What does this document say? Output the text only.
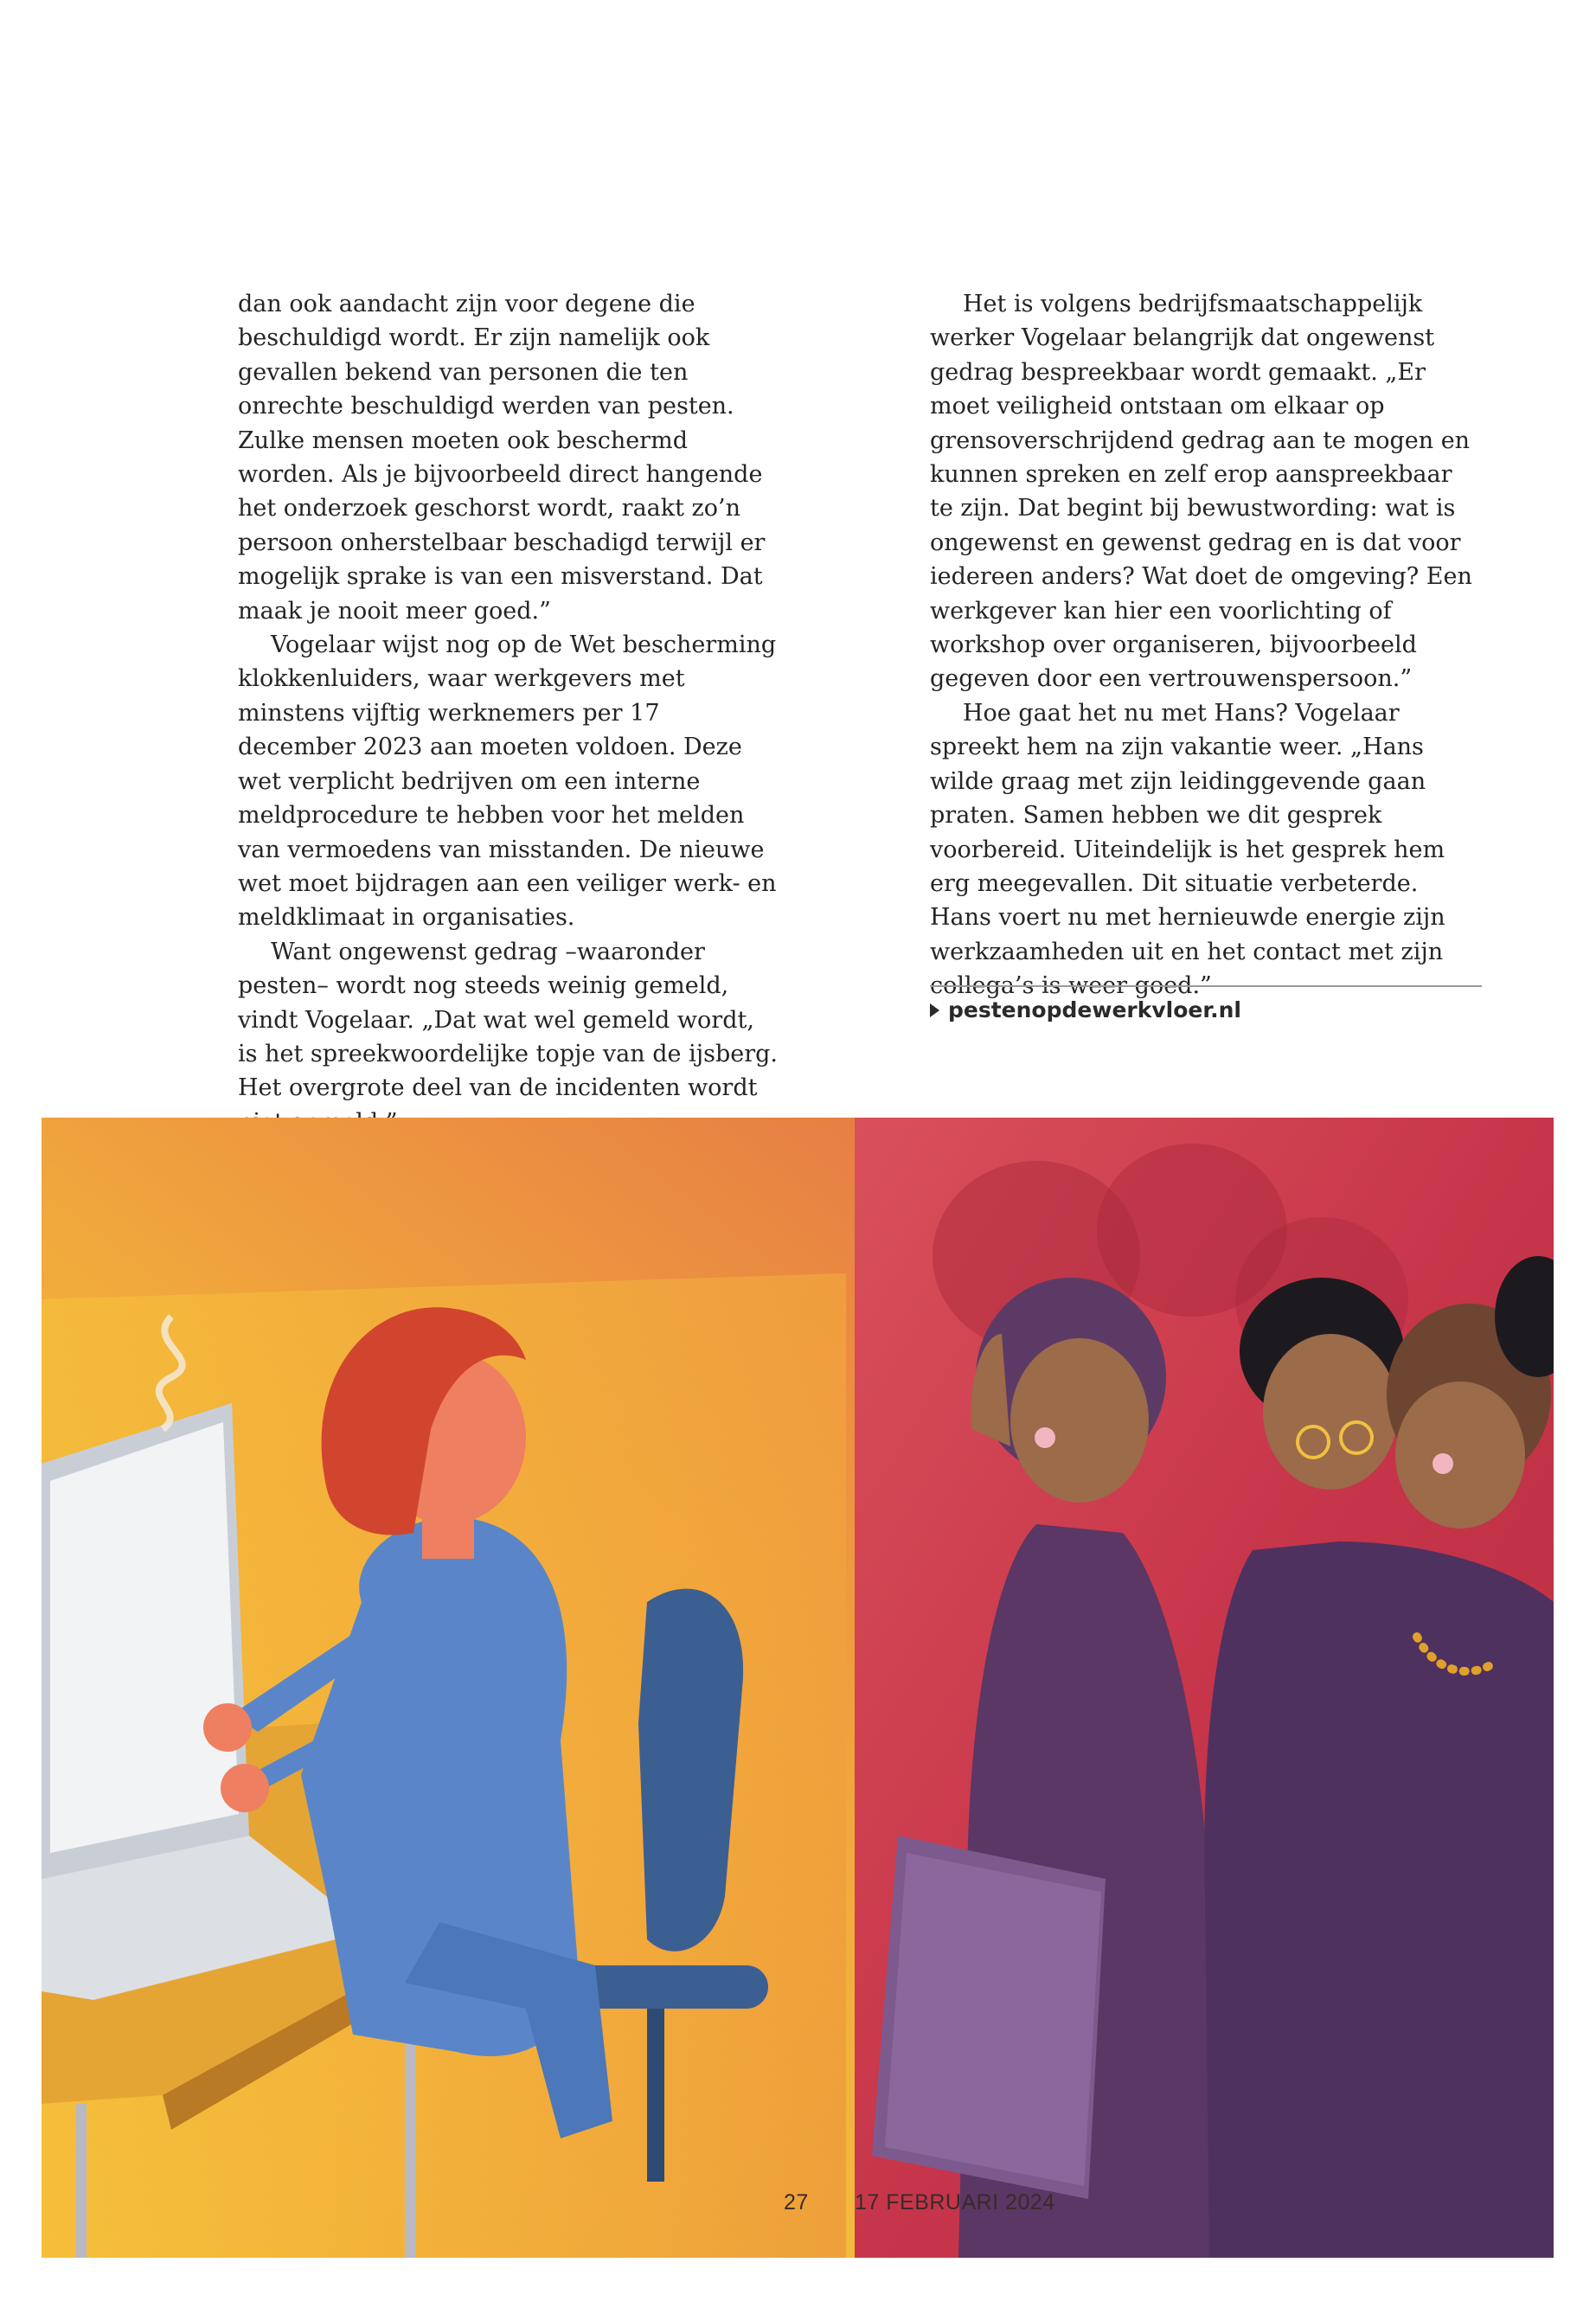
dan ook aandacht zijn voor degene die beschuldigd wordt. Er zijn namelijk ook gevallen bekend van personen die ten onrechte beschuldigd werden van pesten. Zulke mensen moeten ook beschermd worden. Als je bijvoorbeeld direct hangende het onderzoek geschorst wordt, raakt zo’n persoon onherstelbaar beschadigd terwijl er mogelijk sprake is van een misverstand. Dat maak je nooit meer goed.”

Vogelaar wijst nog op de Wet bescherming klokkenluiders, waar werkgevers met minstens vijftig werknemers per 17 december 2023 aan moeten voldoen. Deze wet verplicht bedrijven om een interne meldprocedure te hebben voor het melden van vermoedens van misstanden. De nieuwe wet moet bijdragen aan een veiliger werk- en meldklimaat in organisaties.

Want ongewenst gedrag –waaronder pesten– wordt nog steeds weinig gemeld, vindt Vogelaar. „Dat wat wel gemeld wordt, is het spreekwoordelijke topje van de ijsberg. Het overgrote deel van de incidenten wordt

Het is volgens bedrijfsmaatschappelijk werker Vogelaar belangrijk dat ongewenst gedrag bespreekbaar wordt gemaakt. „Er moet veiligheid ontstaan om elkaar op grensoverschrijdend gedrag aan te mogen en kunnen spreken en zelf erop aanspreekbaar te zijn. Dat begint bij bewustwording: wat is ongewenst en gewenst gedrag en is dat voor iedereen anders? Wat doet de omgeving? Een werkgever kan hier een voorlichting of workshop over organiseren, bijvoorbeeld gegeven door een vertrouwenspersoon.”

Hoe gaat het nu met Hans? Vogelaar spreekt hem na zijn vakantie weer. „Hans wilde graag met zijn leidinggevende gaan praten. Samen hebben we dit gesprek voorbereid. Uiteindelijk is het gesprek hem erg meegevallen. Dit situatie verbeterde. Hans voert nu met hernieuwde energie zijn werkzaamheden uit en het contact met zijn collega’s is weer goed.”

pestenopdewerkvloer.nl
27 17 FEBRUARI 2024
